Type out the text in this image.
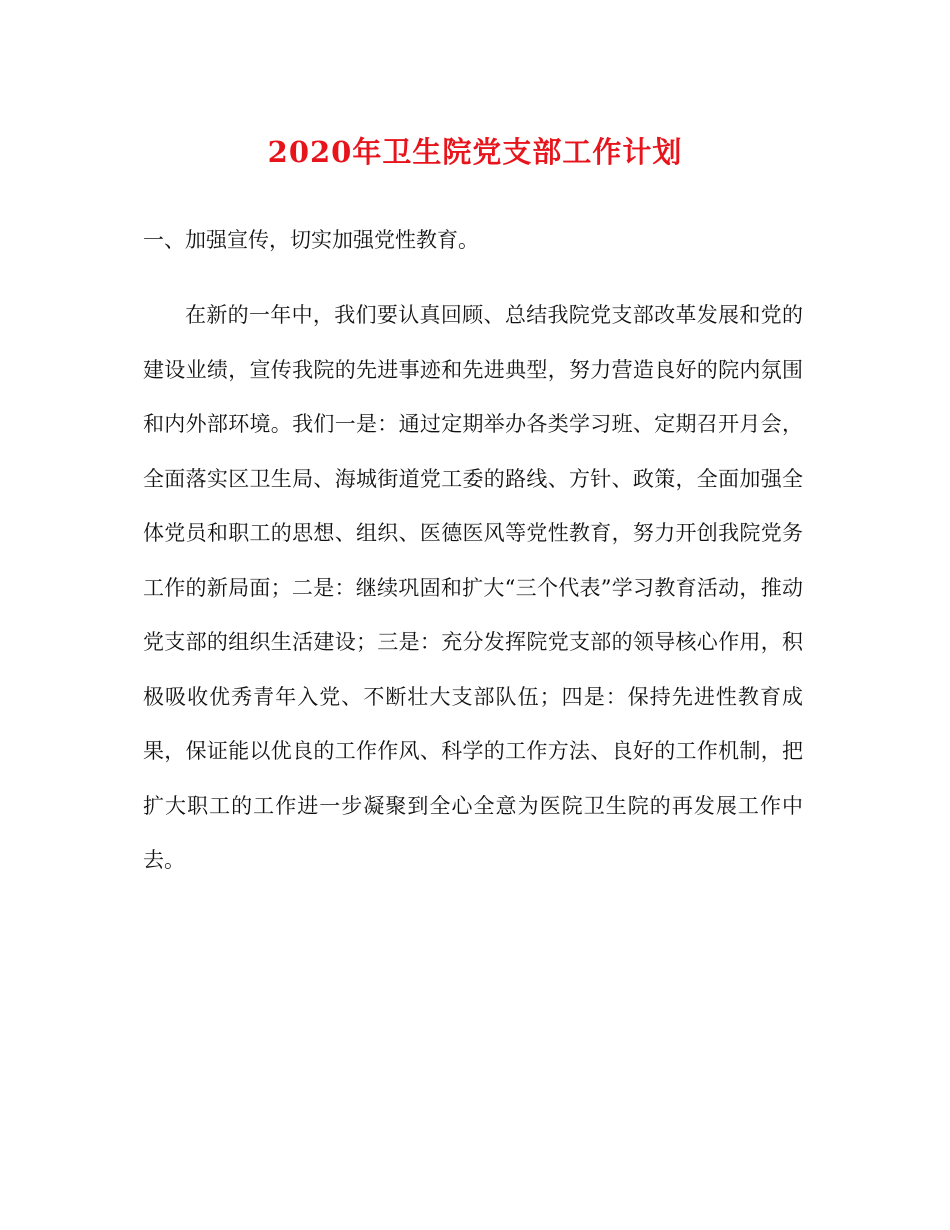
2020年卫生院党支部工作计划

一、加强宣传，切实加强党性教育。

在新的一年中，我们要认真回顾、总结我院党支部改革发展和党的建设业绩，宣传我院的先进事迹和先进典型，努力营造良好的院内氛围和内外部环境。我们一是：通过定期举办各类学习班、定期召开月会，全面落实区卫生局、海城街道党工委的路线、方针、政策，全面加强全体党员和职工的思想、组织、医德医风等党性教育，努力开创我院党务工作的新局面；二是：继续巩固和扩大“三个代表”学习教育活动，推动党支部的组织生活建设；三是：充分发挥院党支部的领导核心作用，积极吸收优秀青年入党、不断壮大支部队伍；四是：保持先进性教育成果，保证能以优良的工作作风、科学的工作方法、良好的工作机制，把扩大职工的工作进一步凝聚到全心全意为医院卫生院的再发展工作中去。
